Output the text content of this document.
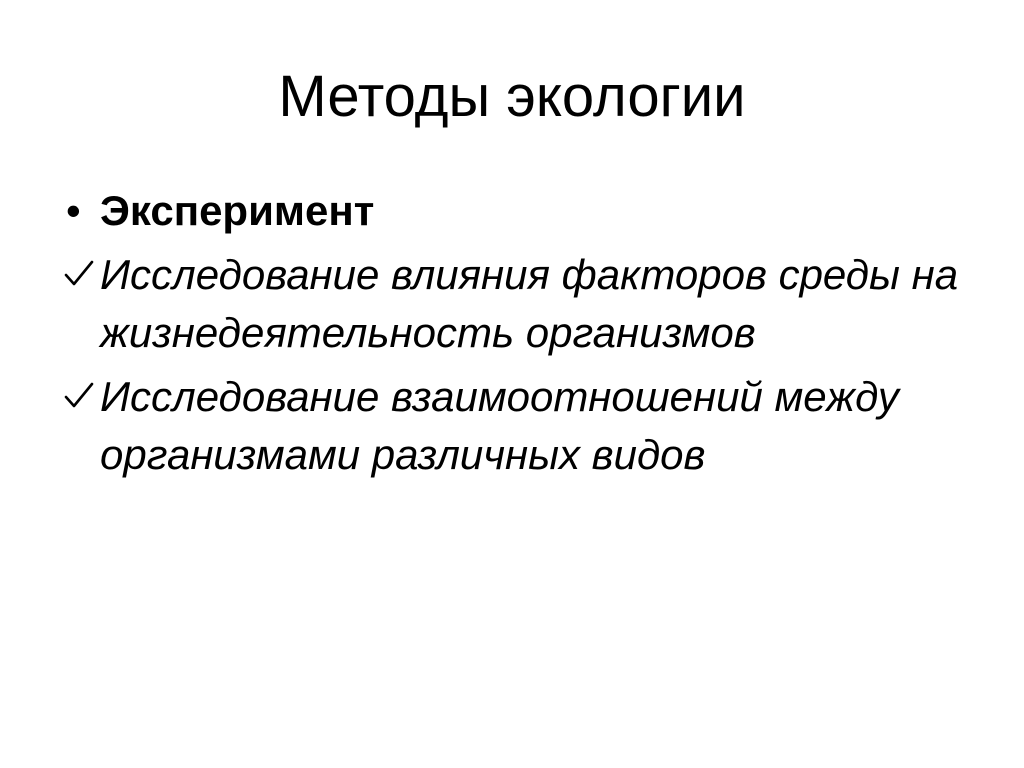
Методы экологии
• Эксперимент
Исследование влияния факторов среды на жизнедеятельность организмов
Исследование взаимоотношений между организмами различных видов
